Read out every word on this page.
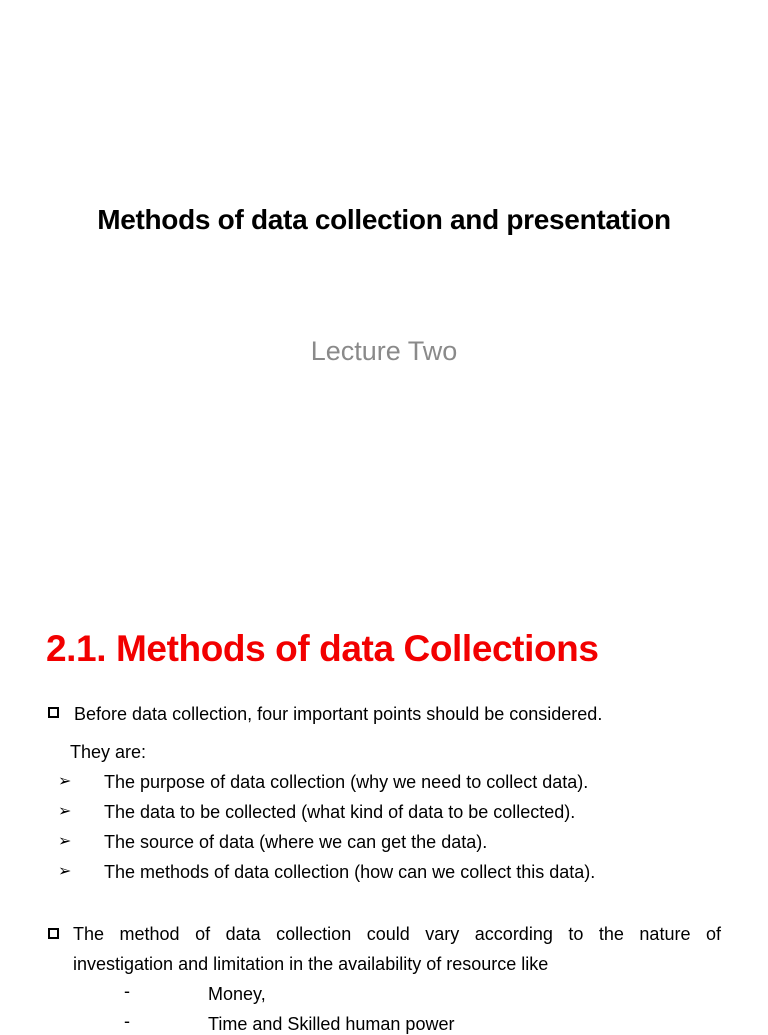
Methods of data collection and presentation
Lecture Two
2.1. Methods of data Collections
Before data collection, four important points should be considered.
They are:
➢ The purpose of data collection (why we need to collect data).
➢ The data to be collected (what kind of data to be collected).
➢ The source of data (where we can get the data).
➢ The methods of data collection (how can we collect this data).
The method of data collection could vary according to the nature of
investigation and limitation in the availability of resource like
-	Money,
-	Time and Skilled human power
